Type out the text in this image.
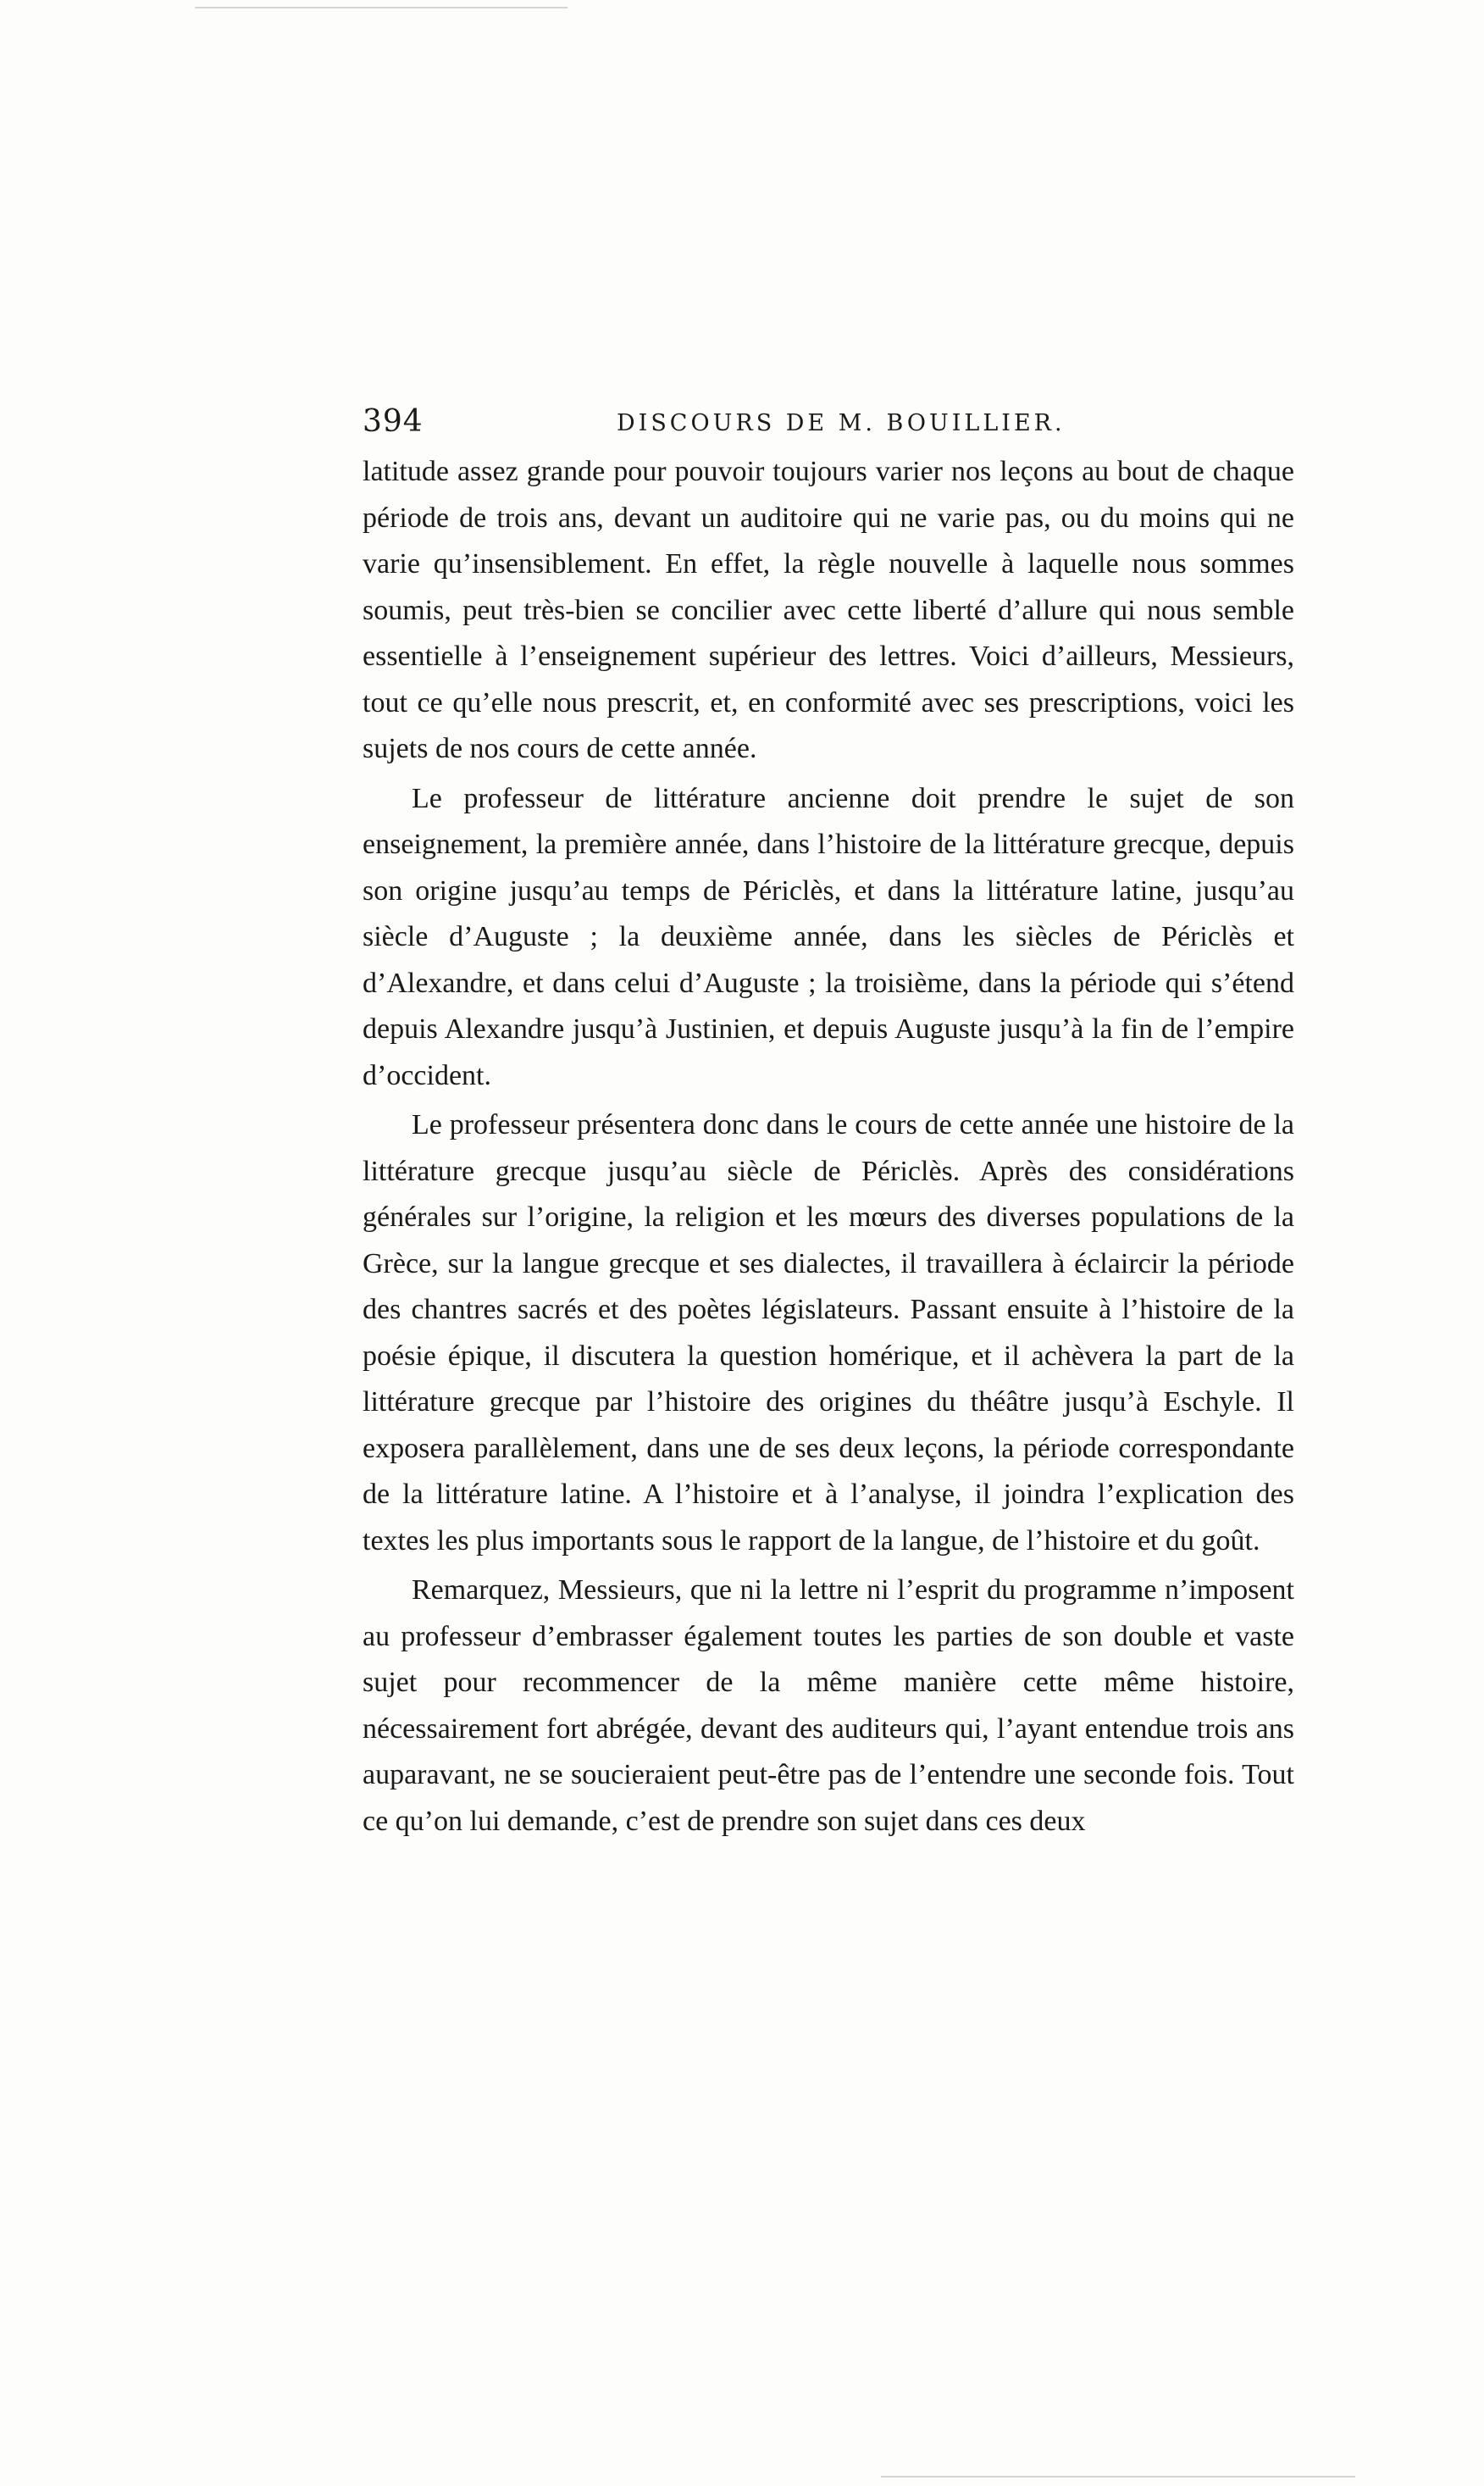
394	DISCOURS DE M. BOUILLIER.

latitude assez grande pour pouvoir toujours varier nos leçons au bout de chaque période de trois ans, devant un auditoire qui ne varie pas, ou du moins qui ne varie qu’insensiblement. En effet, la règle nouvelle à laquelle nous sommes soumis, peut très-bien se concilier avec cette liberté d’allure qui nous semble essentielle à l’enseignement supérieur des lettres. Voici d’ailleurs, Messieurs, tout ce qu’elle nous prescrit, et, en conformité avec ses prescriptions, voici les sujets de nos cours de cette année.

Le professeur de littérature ancienne doit prendre le sujet de son enseignement, la première année, dans l’histoire de la littérature grecque, depuis son origine jusqu’au temps de Périclès, et dans la littérature latine, jusqu’au siècle d’Auguste ; la deuxième année, dans les siècles de Périclès et d’Alexandre, et dans celui d’Auguste ; la troisième, dans la période qui s’étend depuis Alexandre jusqu’à Justinien, et depuis Auguste jusqu’à la fin de l’empire d’occident.

Le professeur présentera donc dans le cours de cette année une histoire de la littérature grecque jusqu’au siècle de Périclès. Après des considérations générales sur l’origine, la religion et les mœurs des diverses populations de la Grèce, sur la langue grecque et ses dialectes, il travaillera à éclaircir la période des chantres sacrés et des poètes législateurs. Passant ensuite à l’histoire de la poésie épique, il discutera la question homérique, et il achèvera la part de la littérature grecque par l’histoire des origines du théâtre jusqu’à Eschyle. Il exposera parallèlement, dans une de ses deux leçons, la période correspondante de la littérature latine. A l’histoire et à l’analyse, il joindra l’explication des textes les plus importants sous le rapport de la langue, de l’histoire et du goût.

Remarquez, Messieurs, que ni la lettre ni l’esprit du programme n’imposent au professeur d’embrasser également toutes les parties de son double et vaste sujet pour recommencer de la même manière cette même histoire, nécessairement fort abrégée, devant des auditeurs qui, l’ayant entendue trois ans auparavant, ne se soucieraient peut-être pas de l’entendre une seconde fois. Tout ce qu’on lui demande, c’est de prendre son sujet dans ces deux
